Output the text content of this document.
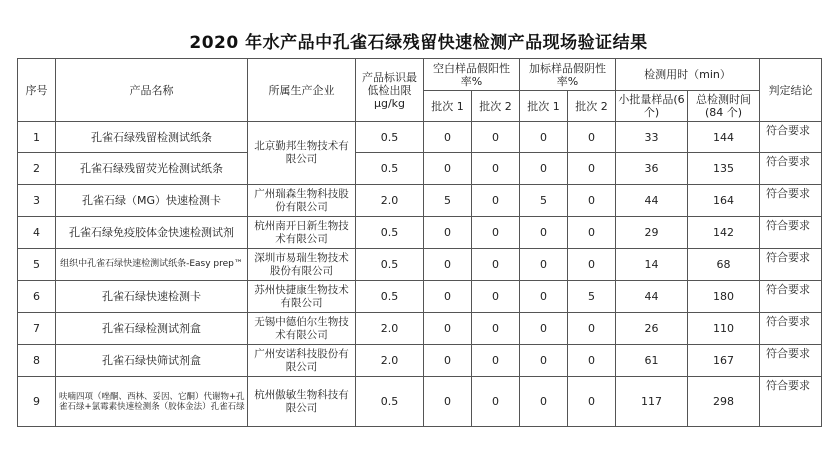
2020 年水产品中孔雀石绿残留快速检测产品现场验证结果
序号	产品名称	所属生产企业	产品标识最低检出限 μg/kg	空白样品假阳性率%		加标样品假阴性率%		检测用时（min）		判定结论
				批次 1	批次 2	批次 1	批次 2	小批量样品(6 个)	总检测时间(84 个)	
1	孔雀石绿残留检测试纸条	北京勤邦生物技术有限公司	0.5	0	0	0	0	33	144	符合要求
2	孔雀石绿残留荧光检测试纸条		0.5	0	0	0	0	36	135	符合要求
3	孔雀石绿（MG）快速检测卡	广州瑞森生物科技股份有限公司	2.0	5	0	5	0	44	164	符合要求
4	孔雀石绿免疫胶体金快速检测试剂	杭州南开日新生物技术有限公司	0.5	0	0	0	0	29	142	符合要求
5	组织中孔雀石绿快速检测试纸条-Easy prep™	深圳市易瑞生物技术股份有限公司	0.5	0	0	0	0	14	68	符合要求
6	孔雀石绿快速检测卡	苏州快捷康生物技术有限公司	0.5	0	0	0	5	44	180	符合要求
7	孔雀石绿检测试剂盒	无锡中德伯尔生物技术有限公司	2.0	0	0	0	0	26	110	符合要求
8	孔雀石绿快筛试剂盒	广州安诺科技股份有限公司	2.0	0	0	0	0	61	167	符合要求
9	呋喃四项（唑酮、西林、妥因、它酮）代谢物+孔雀石绿+氯霉素快速检测条（胶体金法）孔雀石绿	杭州傲敏生物科技有限公司	0.5	0	0	0	0	117	298	符合要求
